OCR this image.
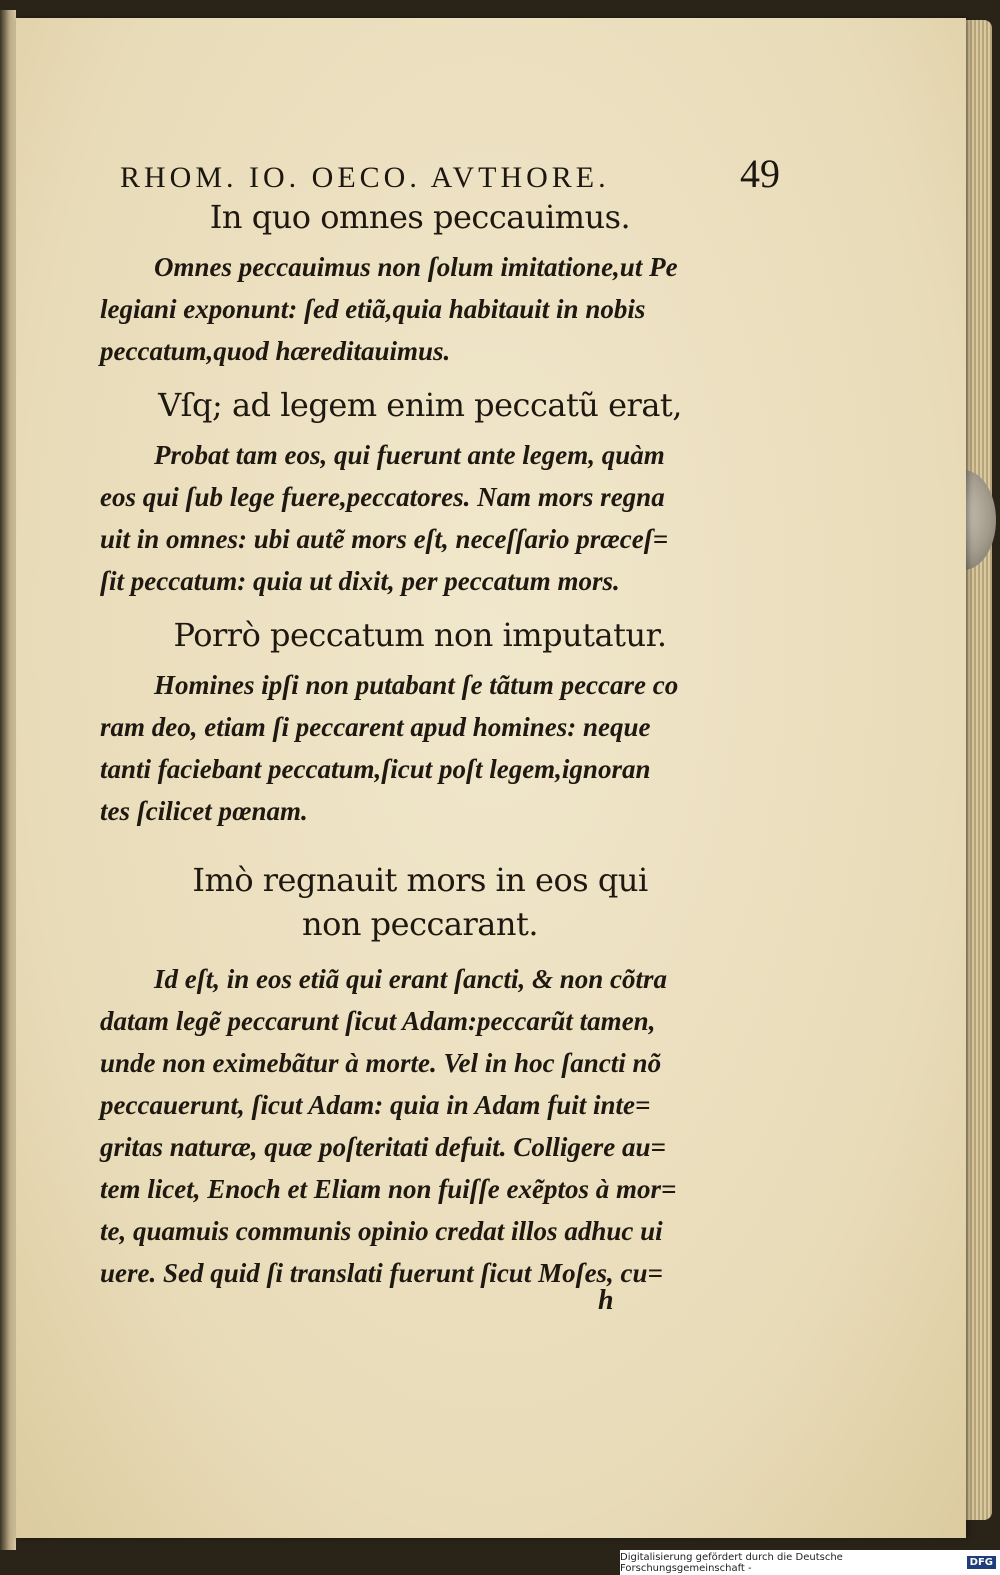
RHOM. IO. OECO. AVTHORE.	49

In quo omnes peccauimus.

Omnes peccauimus non ſolum imitatione,ut Pe
legiani exponunt: ſed etiã,quia habitauit in nobis
peccatum,quod hæreditauimus.

Vſq; ad legem enim peccatũ erat,

Probat tam eos, qui fuerunt ante legem, quàm
eos qui ſub lege fuere,peccatores. Nam mors regna
uit in omnes: ubi autẽ mors eſt, neceſſario præceſ=
ſit peccatum: quia ut dixit, per peccatum mors.

Porrò peccatum non imputatur.

Homines ipſi non putabant ſe tãtum peccare co
ram deo, etiam ſi peccarent apud homines: neque
tanti faciebant peccatum,ſicut poſt legem,ignoran
tes ſcilicet pœnam.

Imò regnauit mors in eos qui
non peccarant.

Id eſt, in eos etiã qui erant ſancti, & non cõtra
datam legẽ peccarunt ſicut Adam:peccarũt tamen,
unde non eximebãtur à morte. Vel in hoc ſancti nõ
peccauerunt, ſicut Adam: quia in Adam fuit inte=
gritas naturæ, quæ poſteritati defuit. Colligere au=
tem licet, Enoch et Eliam non fuiſſe exẽptos à mor=
te, quamuis communis opinio credat illos adhuc ui
uere. Sed quid ſi translati fuerunt ſicut Moſes, cu=

h
Digitalisierung gefördert durch die Deutsche Forschungsgemeinschaft -	DFG
